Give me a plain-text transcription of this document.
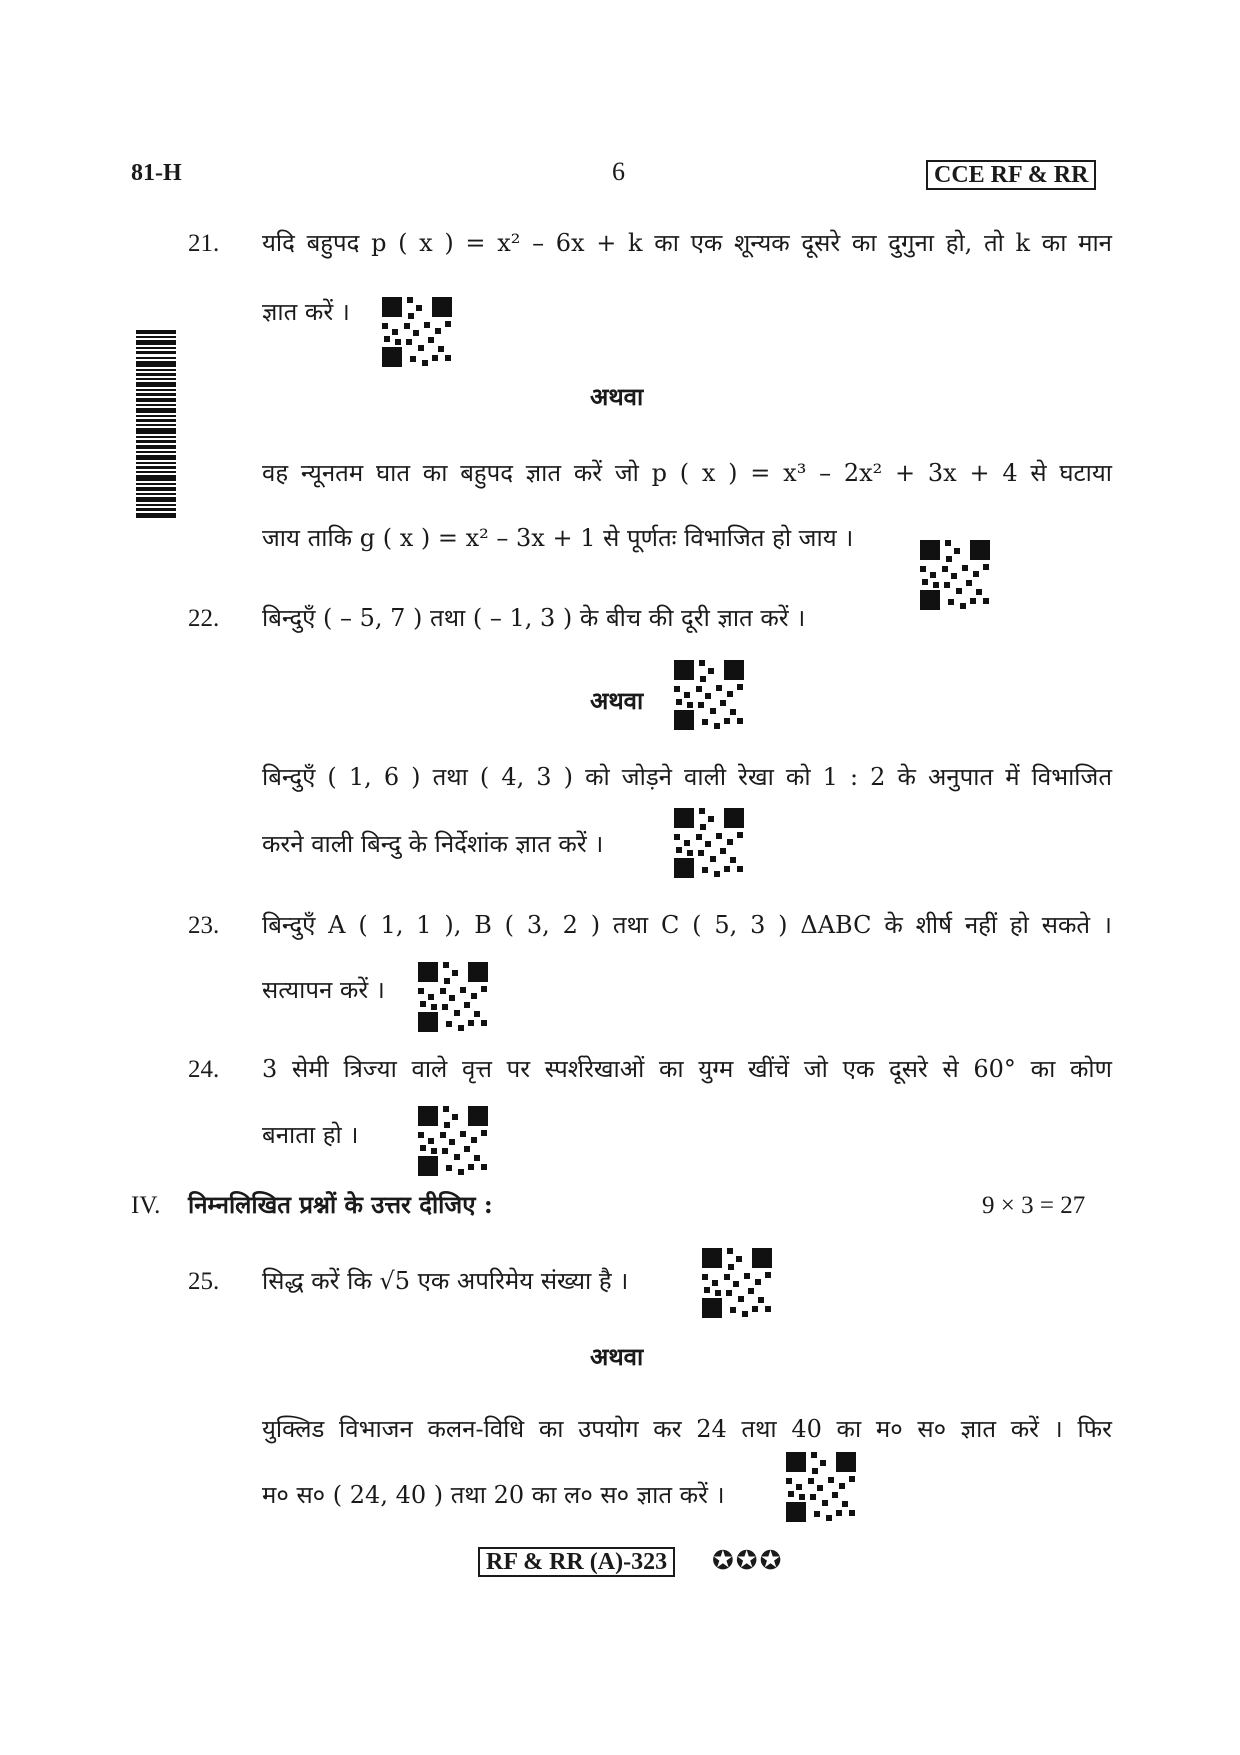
81-H	6	CCE RF & RR
21. यदि बहुपद p ( x ) = x² – 6x + k का एक शून्यक दूसरे का दुगुना हो, तो k का मान
ज्ञात करें ।
अथवा
वह न्यूनतम घात का बहुपद ज्ञात करें जो p ( x ) = x³ – 2x² + 3x + 4 से घटाया
जाय ताकि g ( x ) = x² – 3x + 1 से पूर्णतः विभाजित हो जाय ।
22. बिन्दुएँ ( – 5, 7 ) तथा ( – 1, 3 ) के बीच की दूरी ज्ञात करें ।
अथवा
बिन्दुएँ ( 1, 6 ) तथा ( 4, 3 ) को जोड़ने वाली रेखा को 1 : 2 के अनुपात में विभाजित
करने वाली बिन्दु के निर्देशांक ज्ञात करें ।
23. बिन्दुएँ A ( 1, 1 ), B ( 3, 2 ) तथा C ( 5, 3 ) ΔABC के शीर्ष नहीं हो सकते ।
सत्यापन करें ।
24. 3 सेमी त्रिज्या वाले वृत्त पर स्पर्शरेखाओं का युग्म खींचें जो एक दूसरे से 60° का कोण
बनाता हो ।
IV. निम्नलिखित प्रश्नों के उत्तर दीजिए :	9 × 3 = 27
25. सिद्ध करें कि √5 एक अपरिमेय संख्या है ।
अथवा
युक्लिड विभाजन कलन-विधि का उपयोग कर 24 तथा 40 का म० स० ज्ञात करें । फिर
म० स० ( 24, 40 ) तथा 20 का ल० स० ज्ञात करें ।
RF & RR (A)-323	✪✪✪
